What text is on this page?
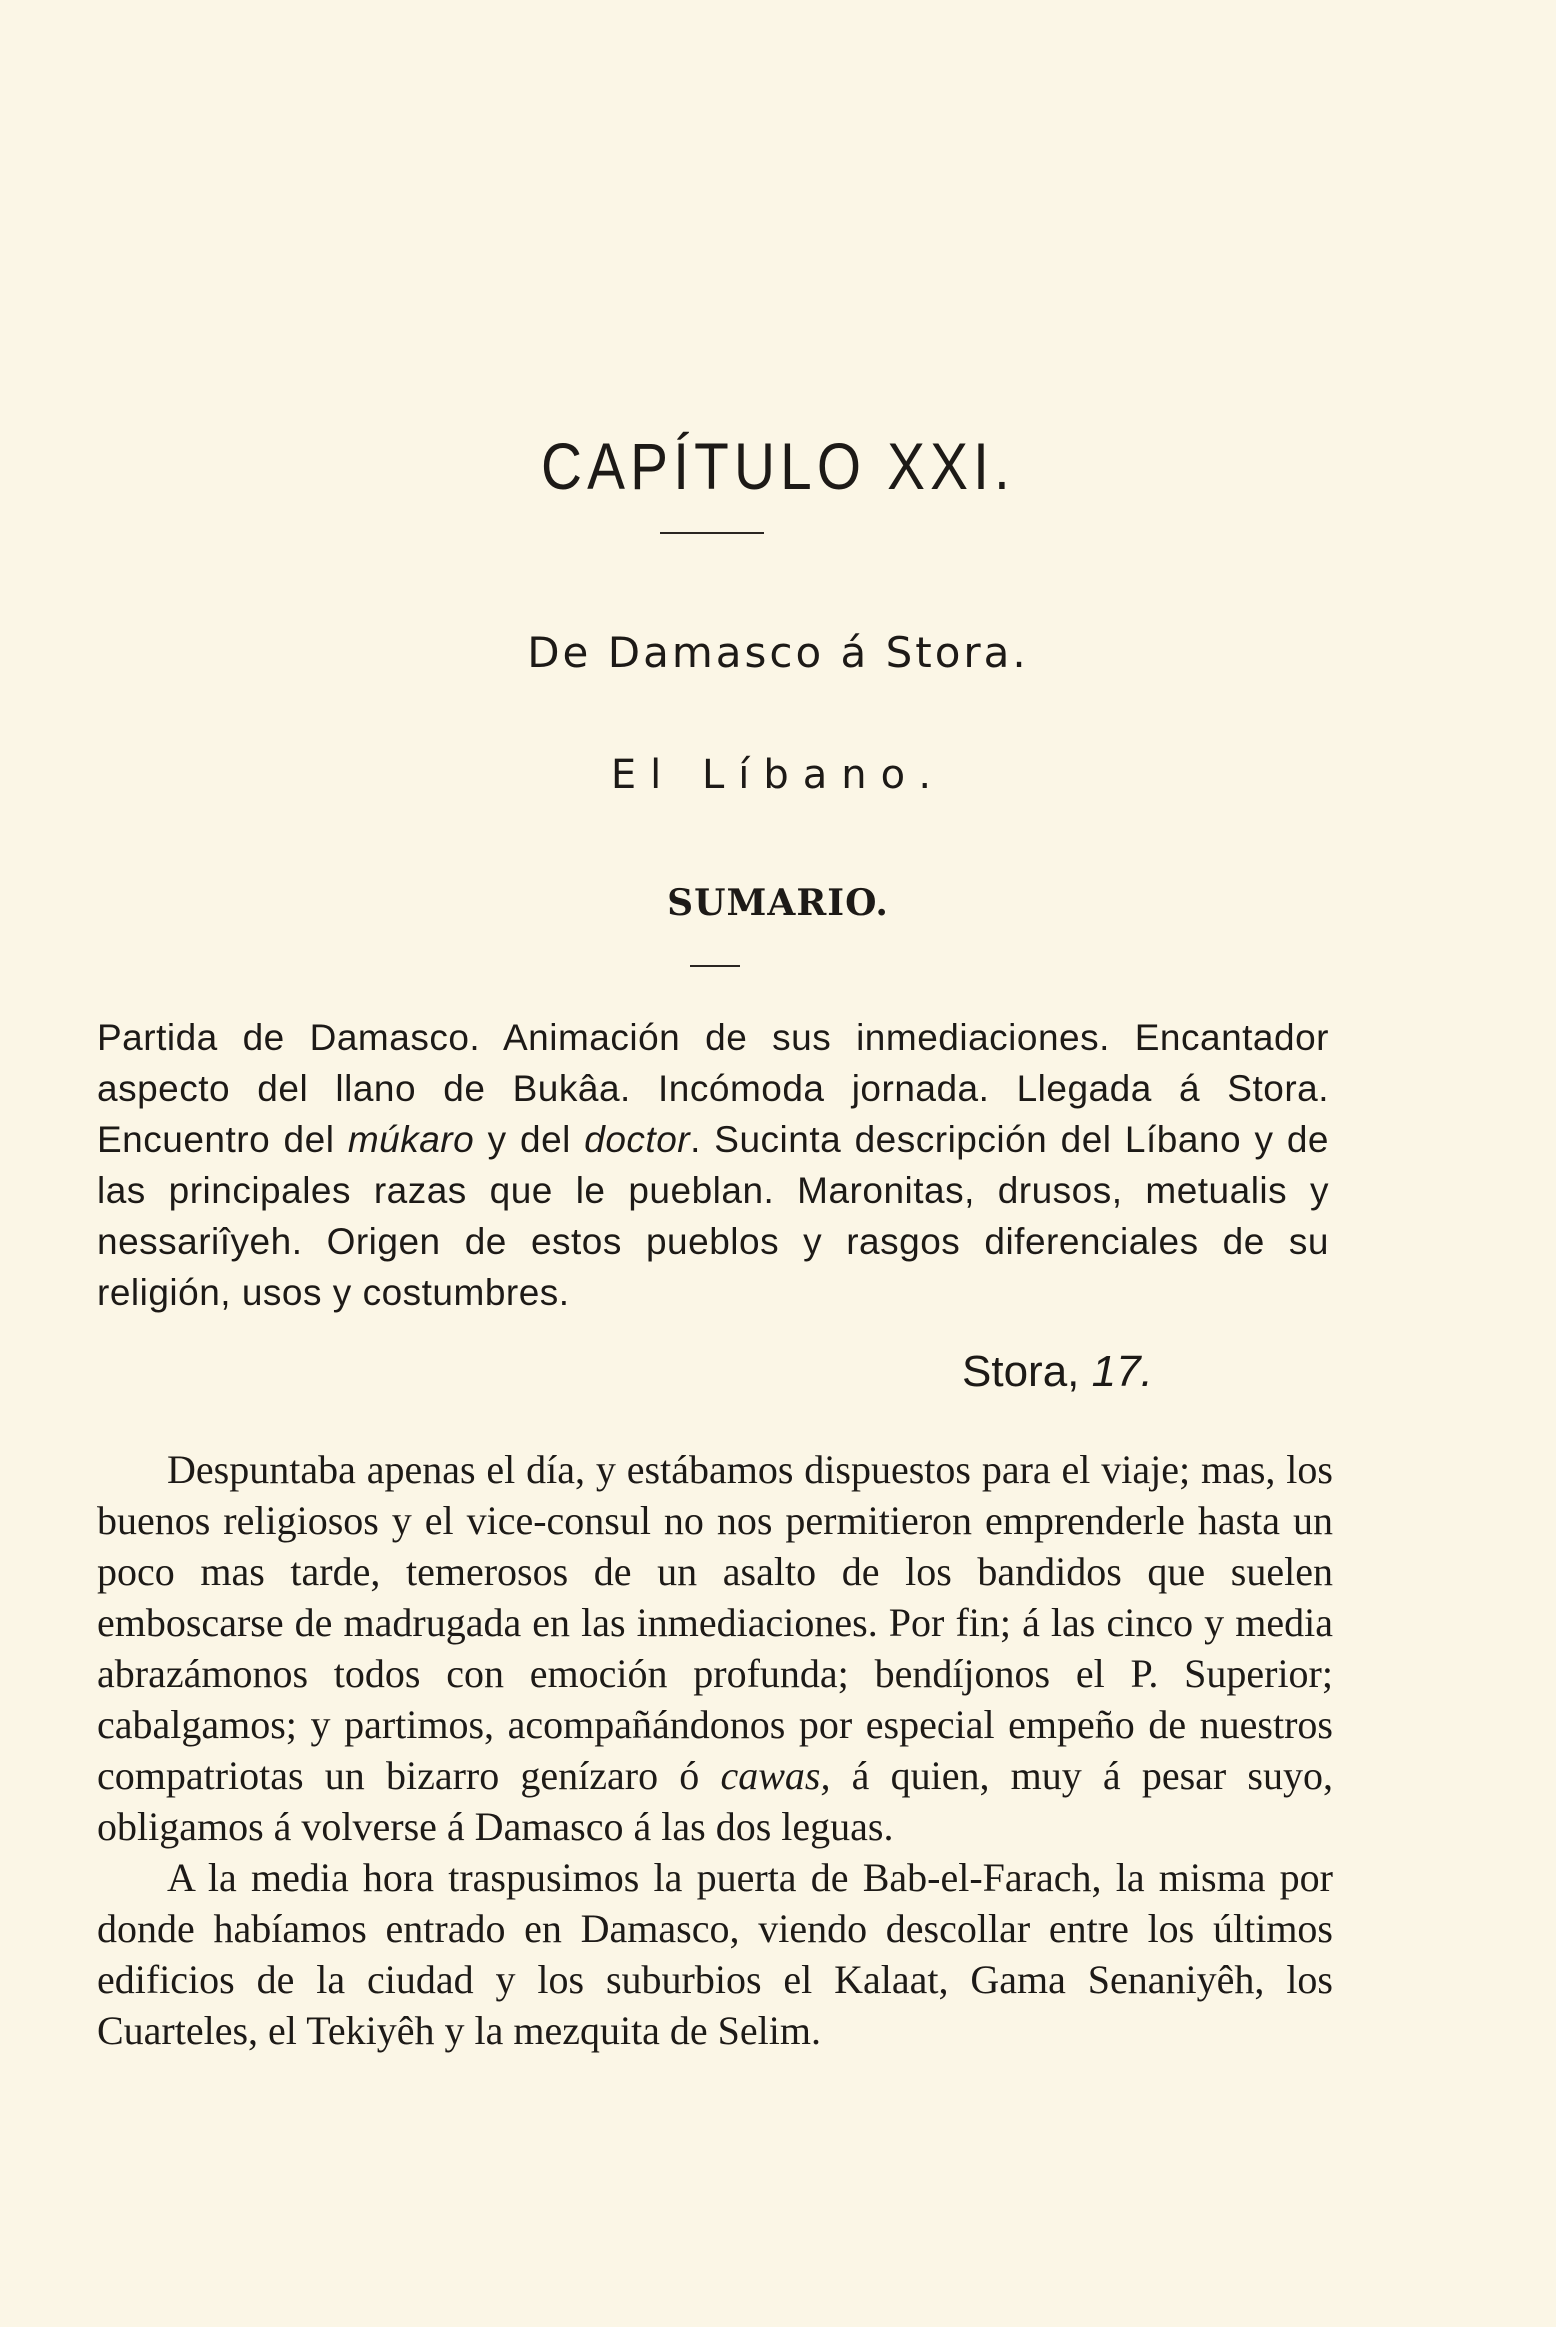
CAPÍTULO XXI.
De Damasco á Stora.
El Líbano.
SUMARIO.
Partida de Damasco. Animación de sus inmediaciones. Encantador aspecto del llano de Bukâa. Incómoda jornada. Llegada á Stora. Encuentro del múkaro y del doctor. Sucinta descripción del Líbano y de las principales razas que le pueblan. Maronitas, drusos, metualis y nessariîyeh. Origen de estos pueblos y rasgos diferenciales de su religión, usos y costumbres.
Stora, 17.

Despuntaba apenas el día, y estábamos dispuestos para el viaje; mas, los buenos religiosos y el vice-consul no nos permitieron emprenderle hasta un poco mas tarde, temerosos de un asalto de los bandidos que suelen emboscarse de madrugada en las inmediaciones. Por fin; á las cinco y media abrazámonos todos con emoción profunda; bendíjonos el P. Superior; cabalgamos; y partimos, acompañándonos por especial empeño de nuestros compatriotas un bizarro genízaro ó cawas, á quien, muy á pesar suyo, obligamos á volverse á Damasco á las dos leguas.

A la media hora traspusimos la puerta de Bab-el-Farach, la misma por donde habíamos entrado en Damasco, viendo descollar entre los últimos edificios de la ciudad y los suburbios el Kalaat, Gama Senaniyêh, los Cuarteles, el Tekiyêh y la mezquita de Selim.
